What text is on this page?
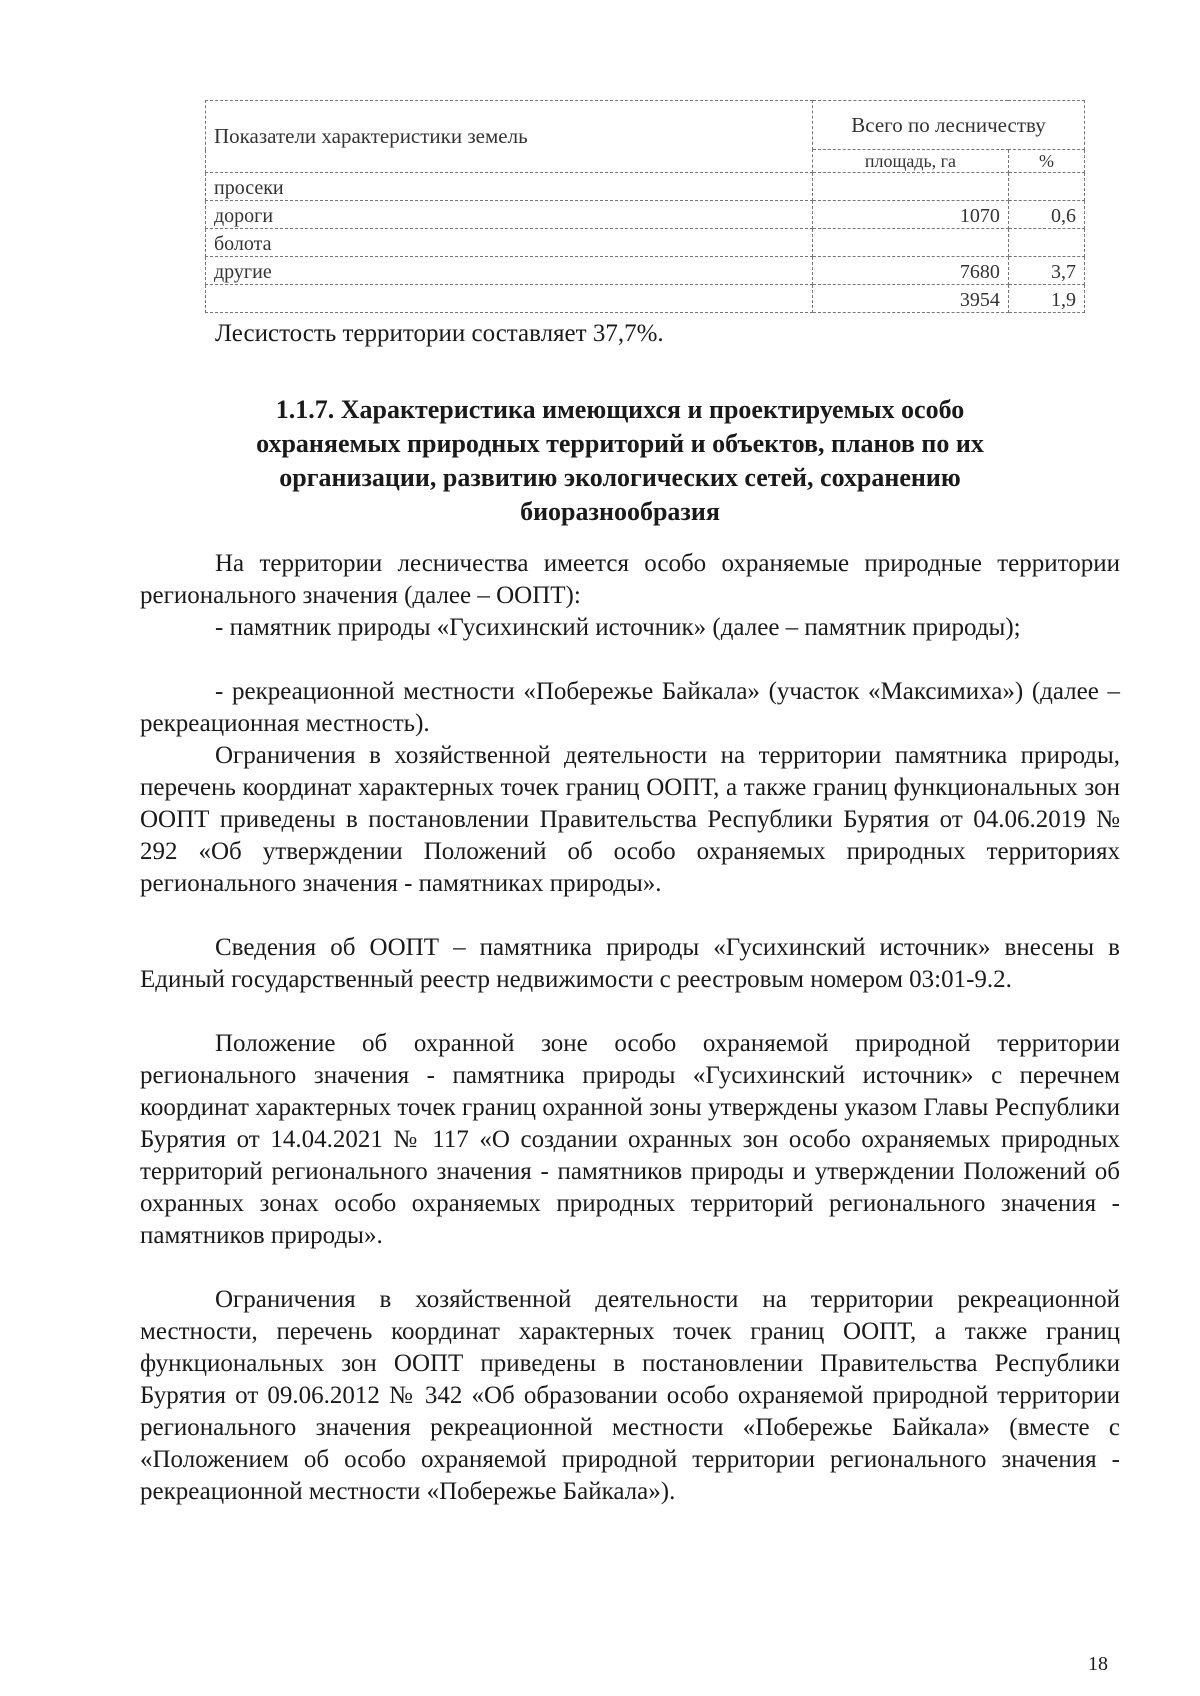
Показатели характеристики земель	Всего по лесничеству	
	площадь, га	%
просеки		
дороги	1070	0,6
болота		
другие	7680	3,7
	3954	1,9

Лесистость территории составляет 37,7%.

1.1.7. Характеристика имеющихся и проектируемых особо охраняемых природных территорий и объектов, планов по их организации, развитию экологических сетей, сохранению биоразнообразия

На территории лесничества имеется особо охраняемые природные территории регионального значения (далее – ООПТ):

- памятник природы «Гусихинский источник» (далее – памятник природы);

- рекреационной местности «Побережье Байкала» (участок «Максимиха») (далее – рекреационная местность).

Ограничения в хозяйственной деятельности на территории памятника природы, перечень координат характерных точек границ ООПТ, а также границ функциональных зон ООПТ приведены в постановлении Правительства Республики Бурятия от 04.06.2019 № 292 «Об утверждении Положений об особо охраняемых природных территориях регионального значения - памятниках природы».

Сведения об ООПТ – памятника природы «Гусихинский источник» внесены в Единый государственный реестр недвижимости с реестровым номером 03:01-9.2.

Положение об охранной зоне особо охраняемой природной территории регионального значения - памятника природы «Гусихинский источник» с перечнем координат характерных точек границ охранной зоны утверждены указом Главы Республики Бурятия от 14.04.2021 № 117 «О создании охранных зон особо охраняемых природных территорий регионального значения - памятников природы и утверждении Положений об охранных зонах особо охраняемых природных территорий регионального значения - памятников природы».

Ограничения в хозяйственной деятельности на территории рекреационной местности, перечень координат характерных точек границ ООПТ, а также границ функциональных зон ООПТ приведены в постановлении Правительства Республики Бурятия от 09.06.2012 № 342 «Об образовании особо охраняемой природной территории регионального значения рекреационной местности «Побережье Байкала» (вместе с «Положением об особо охраняемой природной территории регионального значения - рекреационной местности «Побережье Байкала»).

18
